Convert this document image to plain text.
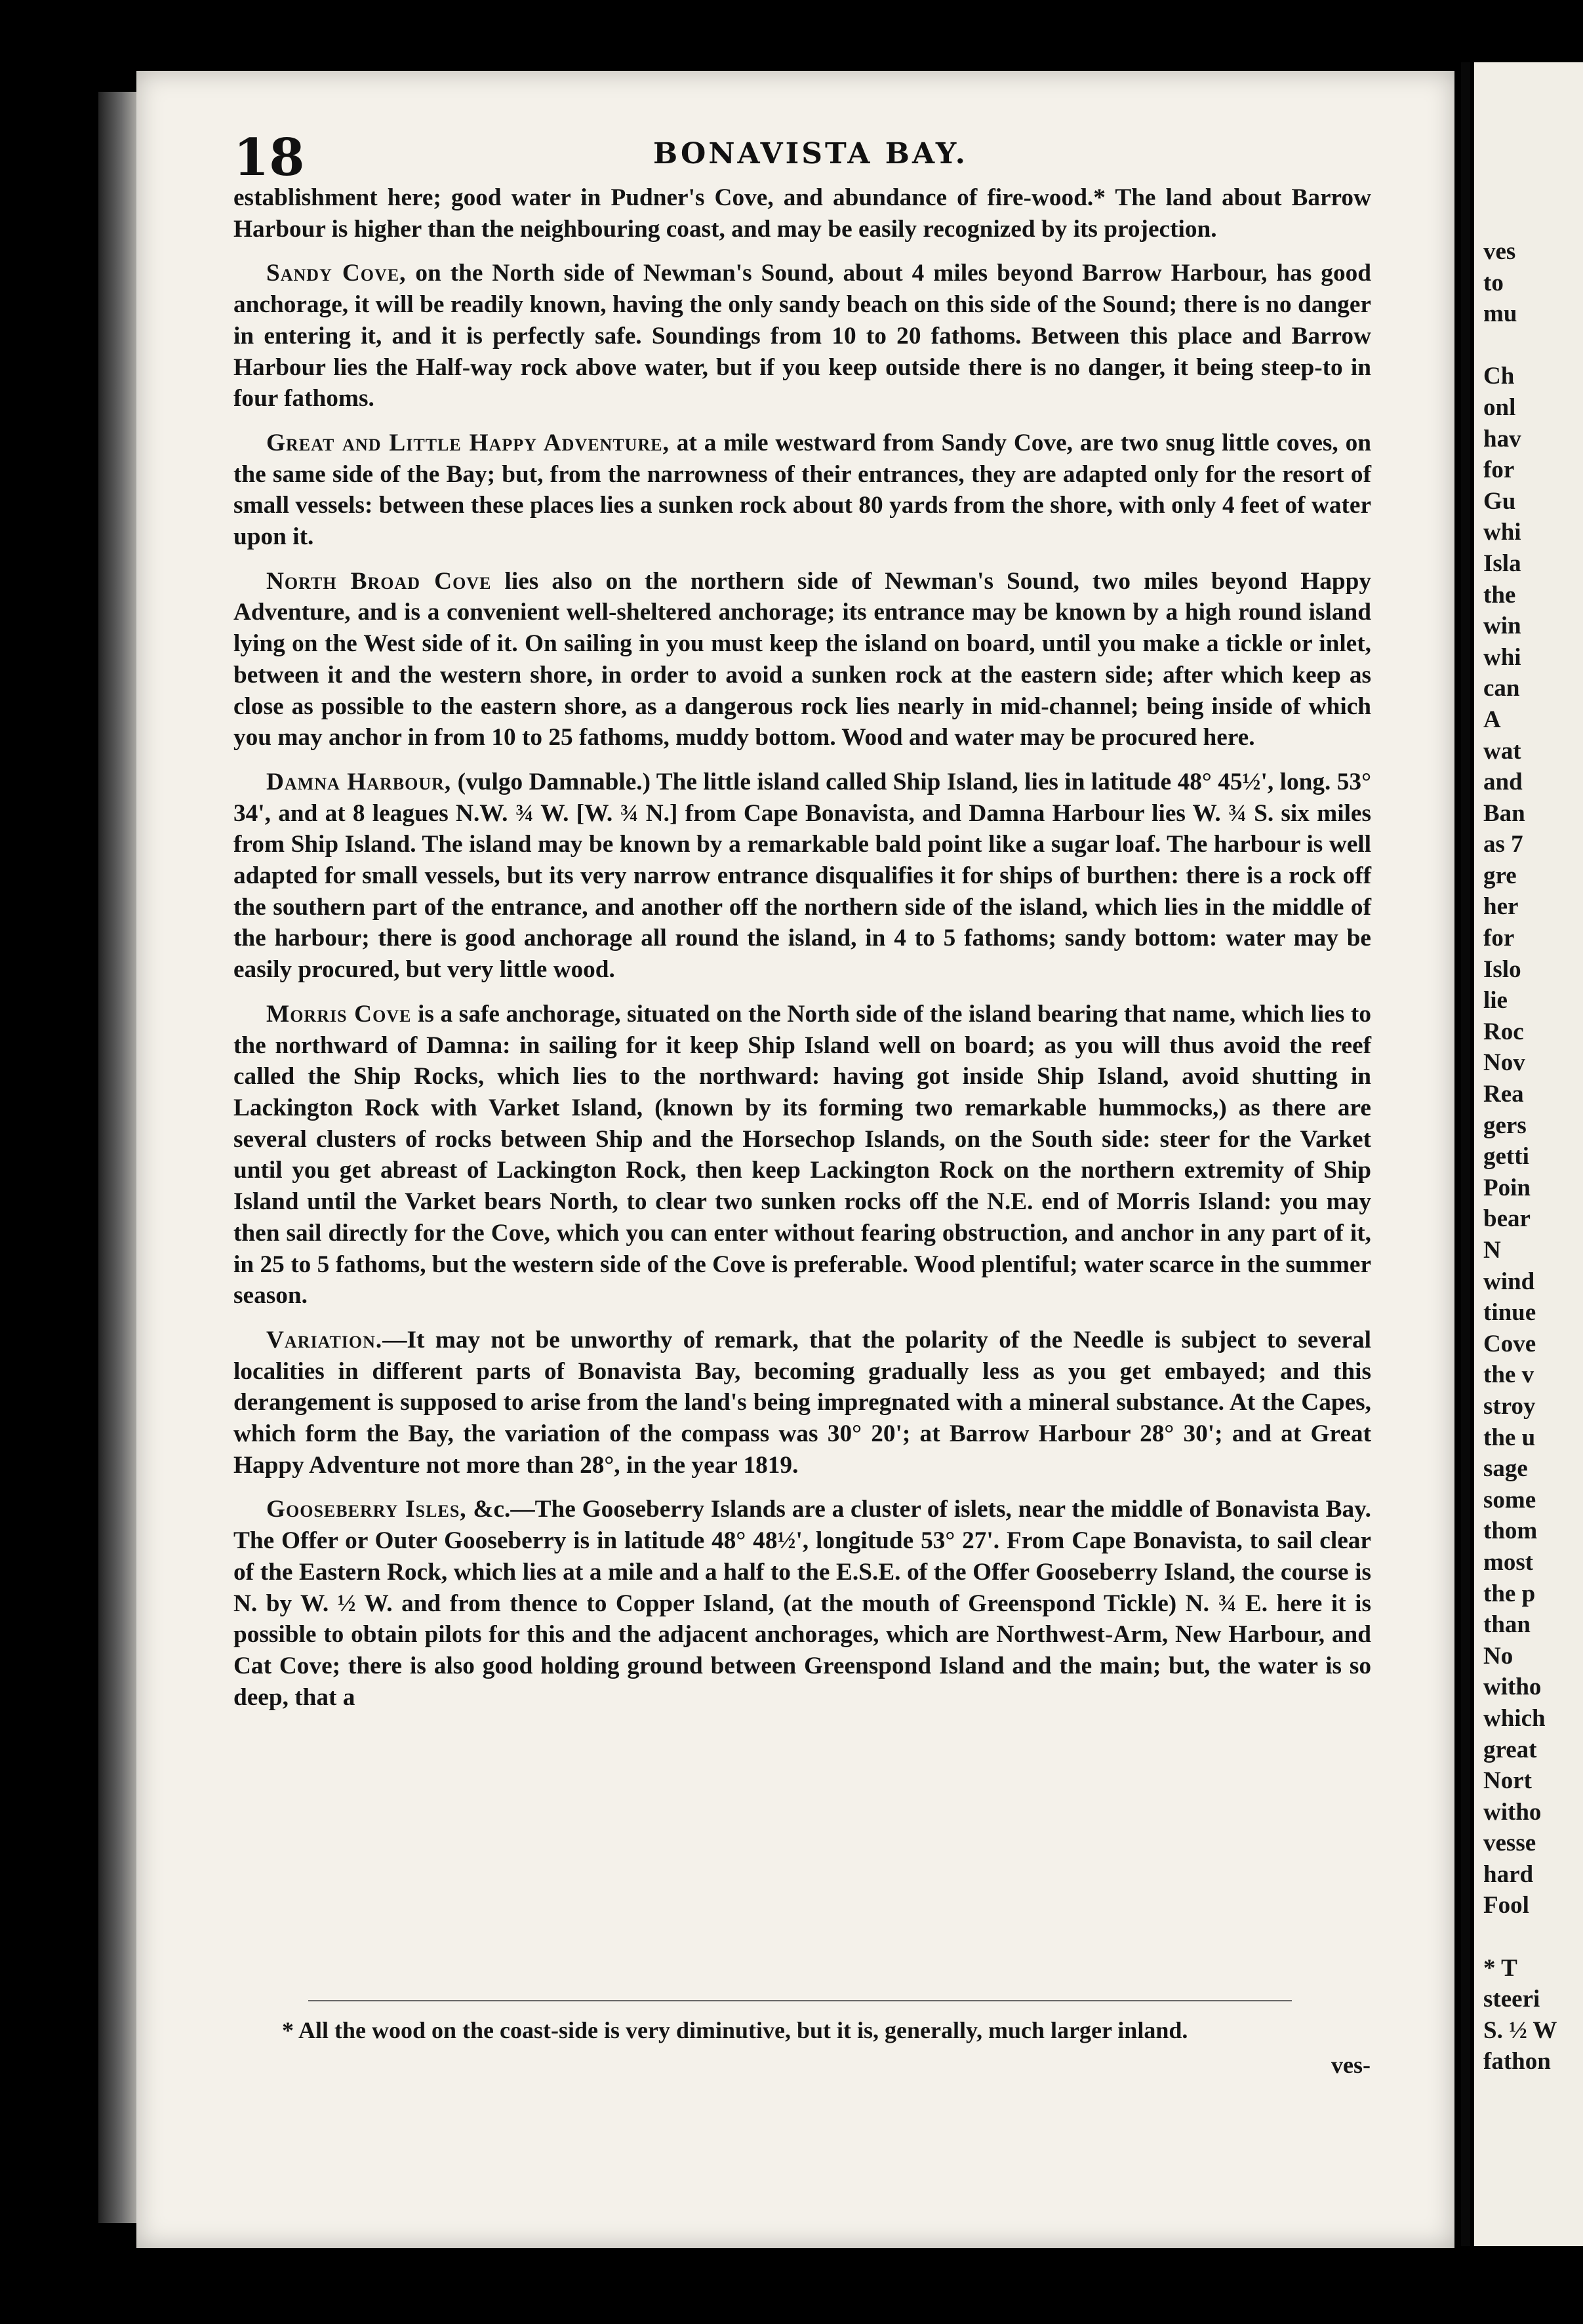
18	BONAVISTA BAY.

establishment here; good water in Pudner's Cove, and abundance of fire-wood.* The land about Barrow Harbour is higher than the neighbouring coast, and may be easily recognized by its projection.

Sandy Cove, on the North side of Newman's Sound, about 4 miles beyond Barrow Harbour, has good anchorage, it will be readily known, having the only sandy beach on this side of the Sound; there is no danger in entering it, and it is perfectly safe. Soundings from 10 to 20 fathoms. Between this place and Barrow Harbour lies the Half-way rock above water, but if you keep outside there is no danger, it being steep-to in four fathoms.

Great and Little Happy Adventure, at a mile westward from Sandy Cove, are two snug little coves, on the same side of the Bay; but, from the narrowness of their entrances, they are adapted only for the resort of small vessels: between these places lies a sunken rock about 80 yards from the shore, with only 4 feet of water upon it.

North Broad Cove lies also on the northern side of Newman's Sound, two miles beyond Happy Adventure, and is a convenient well-sheltered anchorage; its entrance may be known by a high round island lying on the West side of it. On sailing in you must keep the island on board, until you make a tickle or inlet, between it and the western shore, in order to avoid a sunken rock at the eastern side; after which keep as close as possible to the eastern shore, as a dangerous rock lies nearly in mid-channel; being inside of which you may anchor in from 10 to 25 fathoms, muddy bottom. Wood and water may be procured here.

Damna Harbour, (vulgo Damnable.) The little island called Ship Island, lies in latitude 48° 45½', long. 53° 34', and at 8 leagues N.W. ¾ W. [W. ¾ N.] from Cape Bonavista, and Damna Harbour lies W. ¾ S. six miles from Ship Island. The island may be known by a remarkable bald point like a sugar loaf. The harbour is well adapted for small vessels, but its very narrow entrance disqualifies it for ships of burthen: there is a rock off the southern part of the entrance, and another off the northern side of the island, which lies in the middle of the harbour; there is good anchorage all round the island, in 4 to 5 fathoms; sandy bottom: water may be easily procured, but very little wood.

Morris Cove is a safe anchorage, situated on the North side of the island bearing that name, which lies to the northward of Damna: in sailing for it keep Ship Island well on board; as you will thus avoid the reef called the Ship Rocks, which lies to the northward: having got inside Ship Island, avoid shutting in Lackington Rock with Varket Island, (known by its forming two remarkable hummocks,) as there are several clusters of rocks between Ship and the Horsechop Islands, on the South side: steer for the Varket until you get abreast of Lackington Rock, then keep Lackington Rock on the northern extremity of Ship Island until the Varket bears North, to clear two sunken rocks off the N.E. end of Morris Island: you may then sail directly for the Cove, which you can enter without fearing obstruction, and anchor in any part of it, in 25 to 5 fathoms, but the western side of the Cove is preferable. Wood plentiful; water scarce in the summer season.

Variation.—It may not be unworthy of remark, that the polarity of the Needle is subject to several localities in different parts of Bonavista Bay, becoming gradually less as you get embayed; and this derangement is supposed to arise from the land's being impregnated with a mineral substance. At the Capes, which form the Bay, the variation of the compass was 30° 20'; at Barrow Harbour 28° 30'; and at Great Happy Adventure not more than 28°, in the year 1819.

Gooseberry Isles, &c.—The Gooseberry Islands are a cluster of islets, near the middle of Bonavista Bay. The Offer or Outer Gooseberry is in latitude 48° 48½', longitude 53° 27'. From Cape Bonavista, to sail clear of the Eastern Rock, which lies at a mile and a half to the E.S.E. of the Offer Gooseberry Island, the course is N. by W. ½ W. and from thence to Copper Island, (at the mouth of Greenspond Tickle) N. ¾ E. here it is possible to obtain pilots for this and the adjacent anchorages, which are Northwest-Arm, New Harbour, and Cat Cove; there is also good holding ground between Greenspond Island and the main; but, the water is so deep, that a

* All the wood on the coast-side is very diminutive, but it is, generally, much larger inland.
ves-
ves
to
mu
Ch
onl
hav
for
Gu
whi
Isla
the
win
whi
can
A
wat
and
Ban
as 7
gre
her
for
Islo
lie
Roc
Nov
Rea
gers
getti
Poin
bear
N
wind
tinue
Cove
the v
stroy
the u
sage
some
thom
most
the p
than
No
witho
which
great
Nort
witho
vesse
hard
Fool
* T
steeri
S. ½ W
fathon
